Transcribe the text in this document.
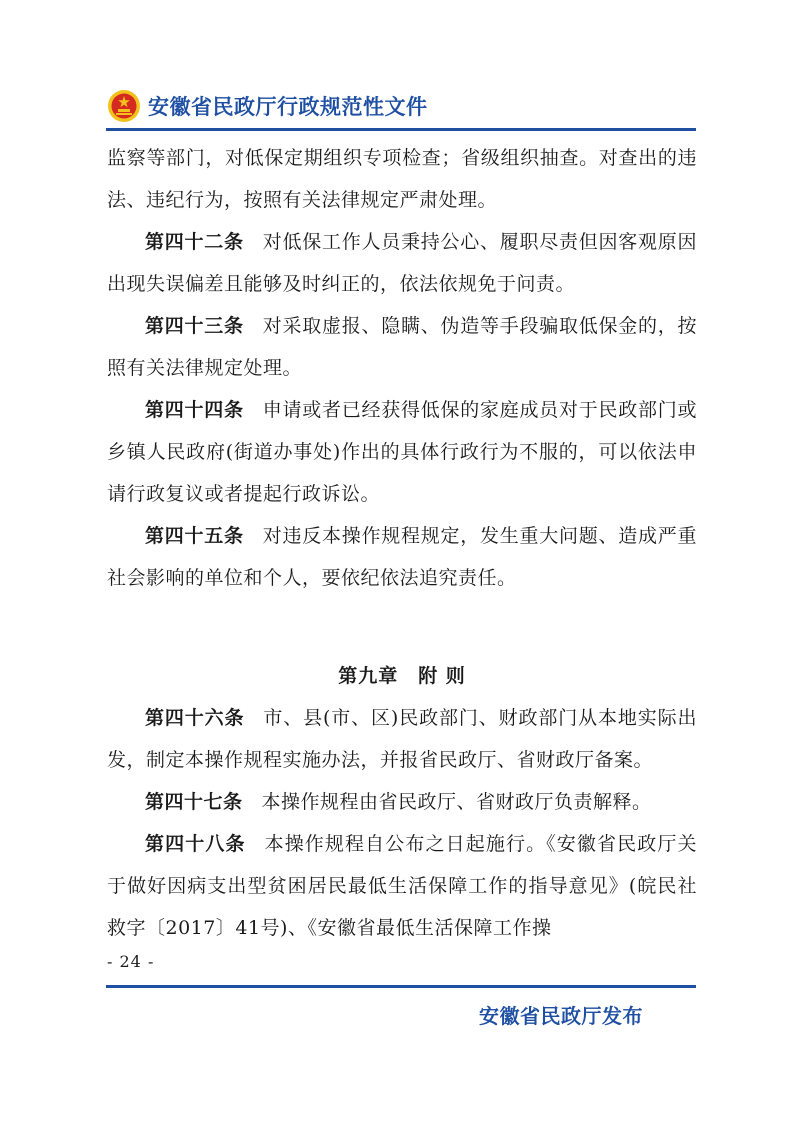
安徽省民政厅行政规范性文件

监察等部门，对低保定期组织专项检查；省级组织抽查。对查出的违法、违纪行为，按照有关法律规定严肃处理。

第四十二条 对低保工作人员秉持公心、履职尽责但因客观原因出现失误偏差且能够及时纠正的，依法依规免于问责。

第四十三条 对采取虚报、隐瞒、伪造等手段骗取低保金的，按照有关法律规定处理。

第四十四条 申请或者已经获得低保的家庭成员对于民政部门或乡镇人民政府(街道办事处)作出的具体行政行为不服的，可以依法申请行政复议或者提起行政诉讼。

第四十五条 对违反本操作规程规定，发生重大问题、造成严重社会影响的单位和个人，要依纪依法追究责任。

第九章　附 则

第四十六条 市、县(市、区)民政部门、财政部门从本地实际出发，制定本操作规程实施办法，并报省民政厅、省财政厅备案。

第四十七条 本操作规程由省民政厅、省财政厅负责解释。

第四十八条 本操作规程自公布之日起施行。《安徽省民政厅关于做好因病支出型贫困居民最低生活保障工作的指导意见》(皖民社救字〔2017〕41号)、《安徽省最低生活保障工作操

- 24 -
安徽省民政厅发布
